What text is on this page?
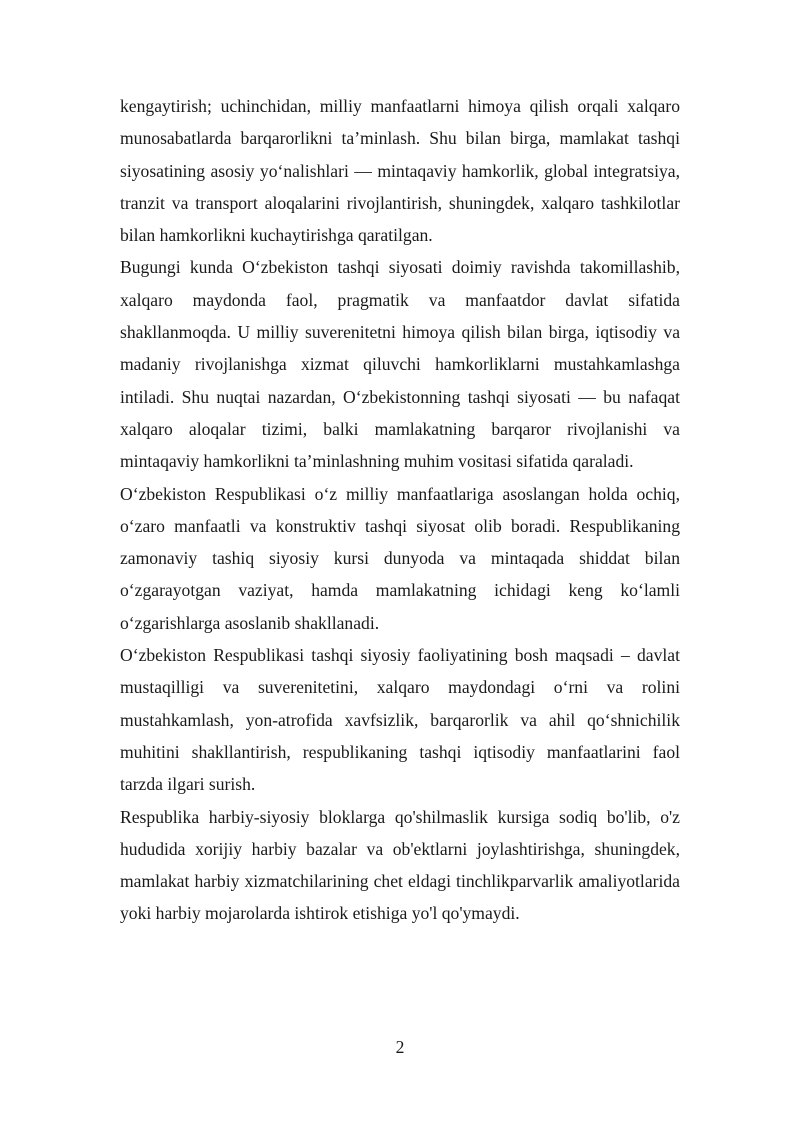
kengaytirish; uchinchidan, milliy manfaatlarni himoya qilish orqali xalqaro munosabatlarda barqarorlikni ta’minlash. Shu bilan birga, mamlakat tashqi siyosatining asosiy yo‘nalishlari — mintaqaviy hamkorlik, global integratsiya, tranzit va transport aloqalarini rivojlantirish, shuningdek, xalqaro tashkilotlar bilan hamkorlikni kuchaytirishga qaratilgan.

Bugungi kunda O‘zbekiston tashqi siyosati doimiy ravishda takomillashib, xalqaro maydonda faol, pragmatik va manfaatdor davlat sifatida shakllanmoqda. U milliy suverenitetni himoya qilish bilan birga, iqtisodiy va madaniy rivojlanishga xizmat qiluvchi hamkorliklarni mustahkamlashga intiladi. Shu nuqtai nazardan, O‘zbekistonning tashqi siyosati — bu nafaqat xalqaro aloqalar tizimi, balki mamlakatning barqaror rivojlanishi va mintaqaviy hamkorlikni ta’minlashning muhim vositasi sifatida qaraladi.

O‘zbekiston Respublikasi o‘z milliy manfaatlariga asoslangan holda ochiq, o‘zaro manfaatli va konstruktiv tashqi siyosat olib boradi. Respublikaning zamonaviy tashiq siyosiy kursi dunyoda va mintaqada shiddat bilan o‘zgarayotgan vaziyat, hamda mamlakatning ichidagi keng ko‘lamli o‘zgarishlarga asoslanib shakllanadi.

O‘zbekiston Respublikasi tashqi siyosiy faoliyatining bosh maqsadi – davlat mustaqilligi va suverenitetini, xalqaro maydondagi o‘rni va rolini mustahkamlash, yon-atrofida xavfsizlik, barqarorlik va ahil qo‘shnichilik muhitini shakllantirish, respublikaning tashqi iqtisodiy manfaatlarini faol tarzda ilgari surish.

Respublika harbiy-siyosiy bloklarga qo'shilmaslik kursiga sodiq bo'lib, o'z hududida xorijiy harbiy bazalar va ob'ektlarni joylashtirishga, shuningdek, mamlakat harbiy xizmatchilarining chet eldagi tinchlikparvarlik amaliyotlarida yoki harbiy mojarolarda ishtirok etishiga yo'l qo'ymaydi.

2
